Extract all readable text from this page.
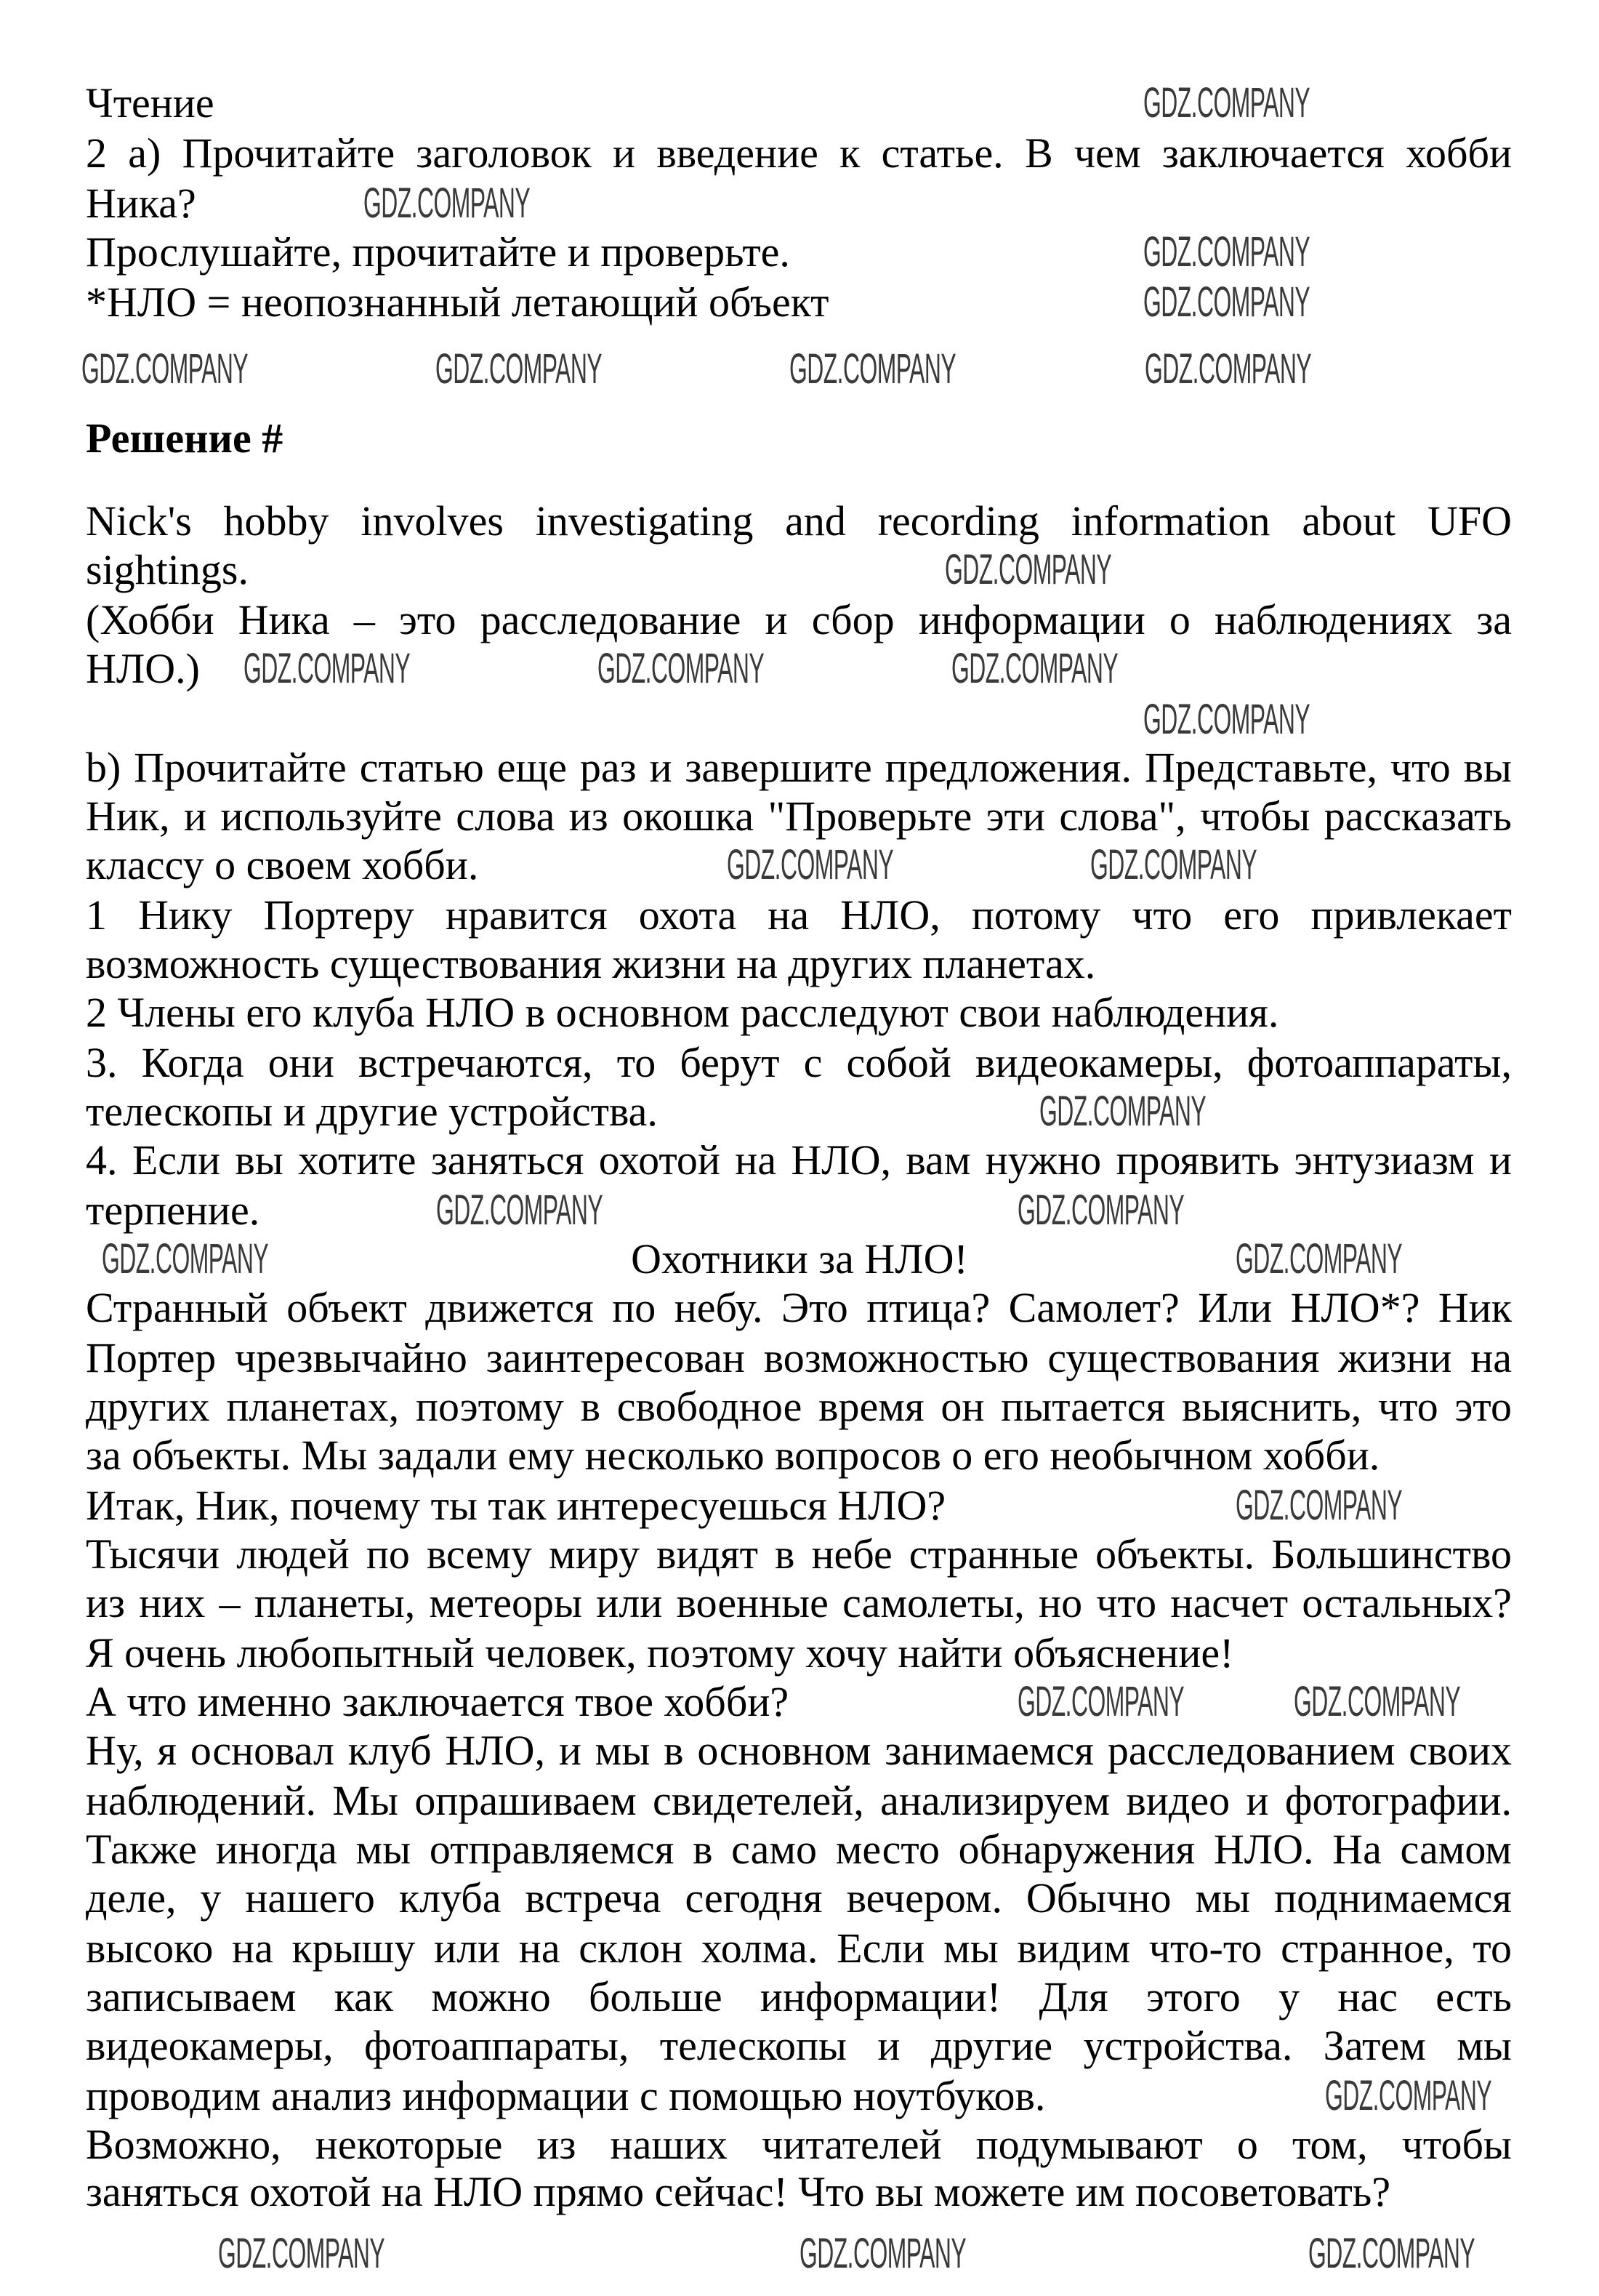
Чтение
2 а) Прочитайте заголовок и введение к статье. В чем заключается хобби
Ника?
Прослушайте, прочитайте и проверьте.
*НЛО = неопознанный летающий объект
Решение #
Nick's hobby involves investigating and recording information about UFO
sightings.
(Хобби Ника – это расследование и сбор информации о наблюдениях за
НЛО.)
b) Прочитайте статью еще раз и завершите предложения. Представьте, что вы
Ник, и используйте слова из окошка "Проверьте эти слова", чтобы рассказать
классу о своем хобби.
1 Нику Портеру нравится охота на НЛО, потому что его привлекает
возможность существования жизни на других планетах.
2 Члены его клуба НЛО в основном расследуют свои наблюдения.
3. Когда они встречаются, то берут с собой видеокамеры, фотоаппараты,
телескопы и другие устройства.
4. Если вы хотите заняться охотой на НЛО, вам нужно проявить энтузиазм и
терпение.
Охотники за НЛО!
Странный объект движется по небу. Это птица? Самолет? Или НЛО*? Ник
Портер чрезвычайно заинтересован возможностью существования жизни на
других планетах, поэтому в свободное время он пытается выяснить, что это
за объекты. Мы задали ему несколько вопросов о его необычном хобби.
Итак, Ник, почему ты так интересуешься НЛО?
Тысячи людей по всему миру видят в небе странные объекты. Большинство
из них – планеты, метеоры или военные самолеты, но что насчет остальных?
Я очень любопытный человек, поэтому хочу найти объяснение!
А что именно заключается твое хобби?
Ну, я основал клуб НЛО, и мы в основном занимаемся расследованием своих
наблюдений. Мы опрашиваем свидетелей, анализируем видео и фотографии.
Также иногда мы отправляемся в само место обнаружения НЛО. На самом
деле, у нашего клуба встреча сегодня вечером. Обычно мы поднимаемся
высоко на крышу или на склон холма. Если мы видим что-то странное, то
записываем как можно больше информации! Для этого у нас есть
видеокамеры, фотоаппараты, телескопы и другие устройства. Затем мы
проводим анализ информации с помощью ноутбуков.
Возможно, некоторые из наших читателей подумывают о том, чтобы
заняться охотой на НЛО прямо сейчас! Что вы можете им посоветовать?
GDZ.COMPANY
GDZ.COMPANY
GDZ.COMPANY
GDZ.COMPANY
GDZ.COMPANY	GDZ.COMPANY	GDZ.COMPANY	GDZ.COMPANY
GDZ.COMPANY
GDZ.COMPANY	GDZ.COMPANY	GDZ.COMPANY
GDZ.COMPANY
GDZ.COMPANY	GDZ.COMPANY
GDZ.COMPANY
GDZ.COMPANY	GDZ.COMPANY
GDZ.COMPANY	GDZ.COMPANY
GDZ.COMPANY
GDZ.COMPANY	GDZ.COMPANY
GDZ.COMPANY
GDZ.COMPANY	GDZ.COMPANY	GDZ.COMPANY
